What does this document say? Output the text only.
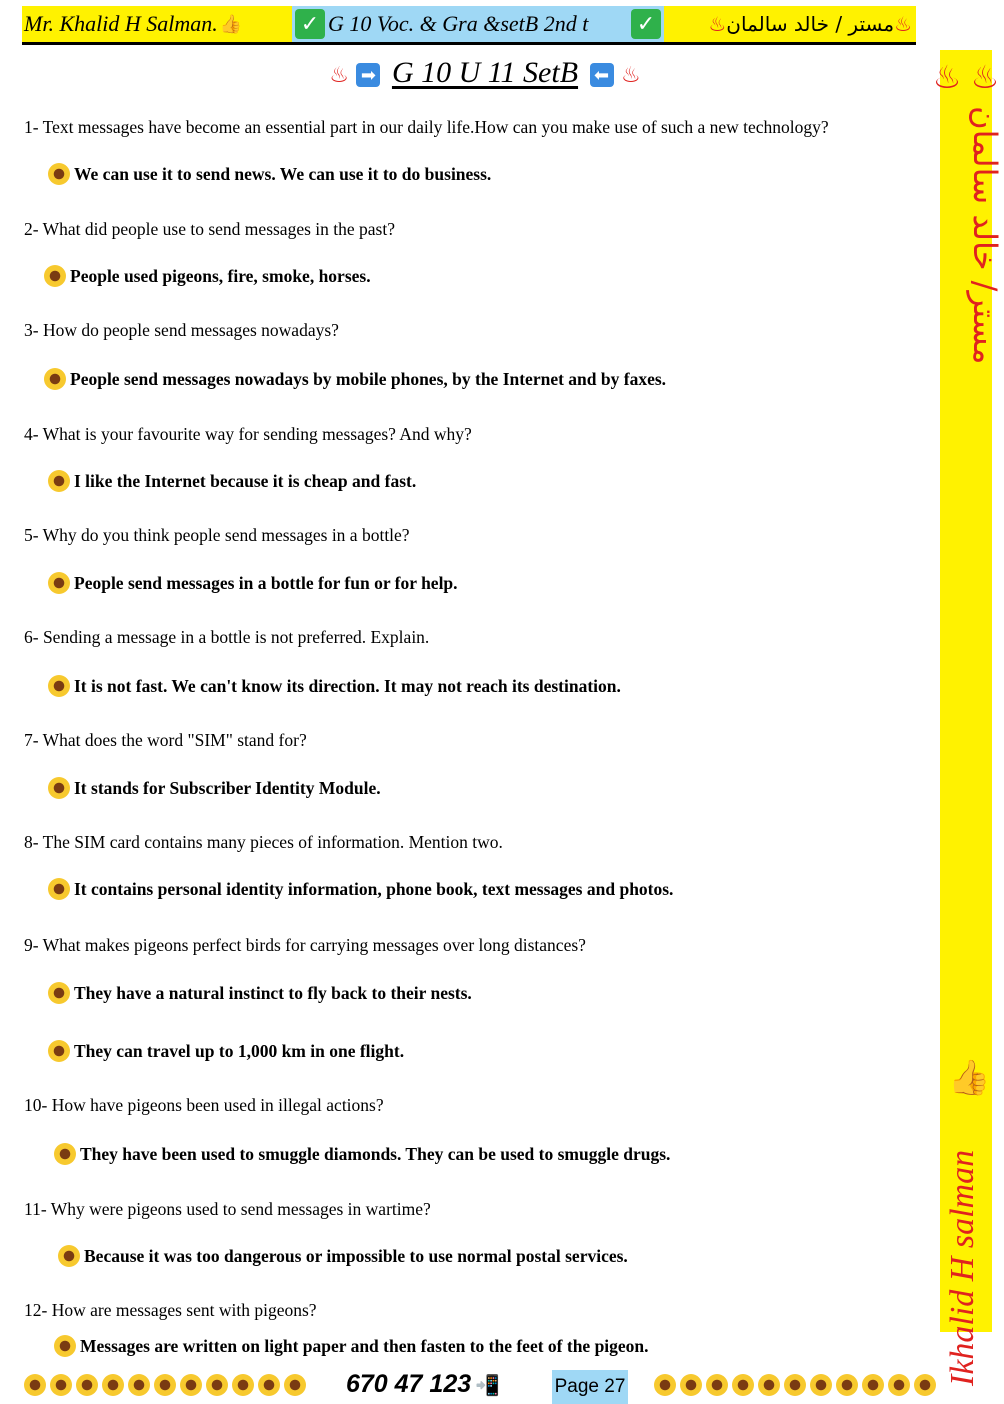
Mr. Khalid H Salman. 👍	✓ G 10 Voc. & Gra &setB 2nd t ✓	♨ مستر / خالد سالمان ♨
♨ ➡ G 10 U 11 SetB ⬅ ♨	♨ مستر/ خالد سالمان ♨
👍
Ikhalid H salman
1- Text messages have become an essential part in our daily life.How can you make use of such a new technology?
We can use it to send news. We can use it to do business.
2- What did people use to send messages in the past?
People used pigeons, fire, smoke, horses.
3- How do people send messages nowadays?
People send messages nowadays by mobile phones, by the Internet and by faxes.
4- What is your favourite way for sending messages? And why?
I like the Internet because it is cheap and fast.
5- Why do you think people send messages in a bottle?
People send messages in a bottle for fun or for help.
6- Sending a message in a bottle is not preferred. Explain.
It is not fast. We can't know its direction. It may not reach its destination.
7- What does the word "SIM" stand for?
It stands for Subscriber Identity Module.
8- The SIM card contains many pieces of information. Mention two.
It contains personal identity information, phone book, text messages and photos.
9- What makes pigeons perfect birds for carrying messages over long distances?
They have a natural instinct to fly back to their nests.
They can travel up to 1,000 km in one flight.
10- How have pigeons been used in illegal actions?
They have been used to smuggle diamonds. They can be used to smuggle drugs.
11- Why were pigeons used to send messages in wartime?
Because it was too dangerous or impossible to use normal postal services.
12- How are messages sent with pigeons?
Messages are written on light paper and then fasten to the feet of the pigeon.
670 47 123 📲	Page 27
